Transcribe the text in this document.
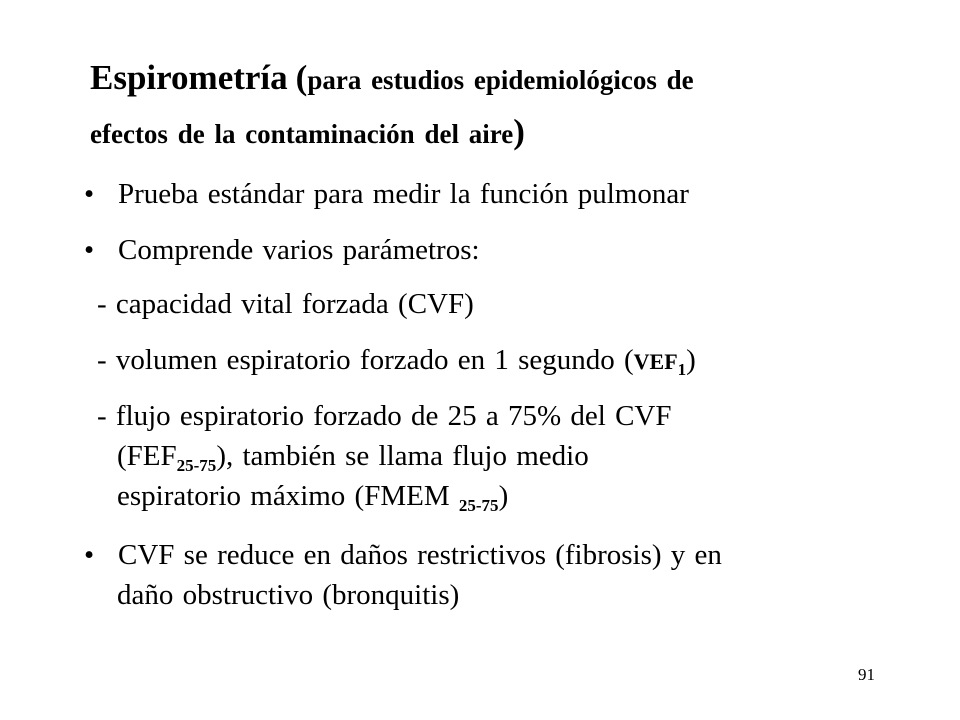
Espirometría (para estudios epidemiológicos de
efectos de la contaminación del aire)
• Prueba estándar para medir la función pulmonar
• Comprende varios parámetros:
- capacidad vital forzada (CVF)
- volumen espiratorio forzado en 1 segundo $(VEF_1)$
- flujo espiratorio forzado de 25 a 75% del CVF
$(FEF_{25-75})$, también se llama flujo medio
espiratorio máximo (FMEM $_{25-75}$)
• CVF se reduce en daños restrictivos (fibrosis) y en
daño obstructivo (bronquitis)
91
